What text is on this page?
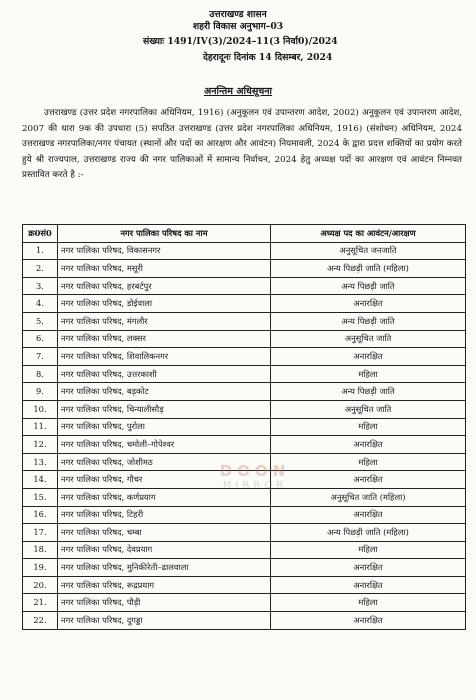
उत्तराखण्ड शासन
शहरी विकास अनुभाग–03
संख्याः 1491/IV(3)/2024–11(3 निर्वा0)/2024
देहरादूनः दिनांक 14 दिसम्बर, 2024
अनन्तिम अधिसूचना
उत्तराखण्ड (उत्तर प्रदेश नगरपालिका अधिनियम, 1916) (अनुकूलन एवं उपान्तरण आदेश, 2002) अनुकूलन एवं उपान्तरण आदेश, 2007 की धारा 9क की उपधारा (5) सपठित उत्तराखण्ड (उत्तर प्रदेश नगरपालिका अधिनियम, 1916) (संशोधन) अधिनियम, 2024 उत्तराखण्ड नगरपालिका/नगर पंचायत (स्थानों और पदों का आरक्षण और आवंटन) नियमावली, 2024 के द्वारा प्रदत्त शक्तियों का प्रयोग करते हुये श्री राज्यपाल, उत्तराखण्ड राज्य की नगर पालिकाओं में सामान्य निर्वाचन, 2024 हेतु अध्यक्ष पदों का आरक्षण एवं आवंटन निम्नवत प्रस्तावित करते है :-
क्र0सं0	नगर पालिका परिषद का नाम	अध्यक्ष पद का आवंटन/आरक्षण
1.	नगर पालिका परिषद, विकासनगर	अनुसूचित जनजाति
2.	नगर पालिका परिषद, मसूरी	अन्य पिछड़ी जाति (महिला)
3.	नगर पालिका परिषद, हरबर्टपुर	अन्य पिछड़ी जाति
4.	नगर पालिका परिषद, डोईवाला	अनारक्षित
5.	नगर पालिका परिषद, मंगलौर	अन्य पिछड़ी जाति
6.	नगर पालिका परिषद, लक्सर	अनुसूचित जाति
7.	नगर पालिका परिषद, शिवालिकनगर	अनारक्षित
8.	नगर पालिका परिषद, उत्तरकाशी	महिला
9.	नगर पालिका परिषद, बड़कोट	अन्य पिछड़ी जाति
10.	नगर पालिका परिषद, चिन्यालीसौड़	अनुसूचित जाति
11.	नगर पालिका परिषद, पुरोला	महिला
12.	नगर पालिका परिषद, चमोली–गोपेश्वर	अनारक्षित
13.	नगर पालिका परिषद, जोशीमठ	महिला
14.	नगर पालिका परिषद, गौचर	अनारक्षित
15.	नगर पालिका परिषद, कर्णप्रयाग	अनुसूचित जाति (महिला)
16.	नगर पालिका परिषद, टिहरी	अनारक्षित
17.	नगर पालिका परिषद, चम्बा	अन्य पिछड़ी जाति (महिला)
18.	नगर पालिका परिषद, देवप्रयाग	महिला
19.	नगर पालिका परिषद, मुनिकीरेती–ढालवाला	अनारक्षित
20.	नगर पालिका परिषद, रूद्रप्रयाग	अनारक्षित
21.	नगर पालिका परिषद, पौड़ी	महिला
22.	नगर पालिका परिषद, दुगड्डा	अनारक्षित
DOON
MIRROR
